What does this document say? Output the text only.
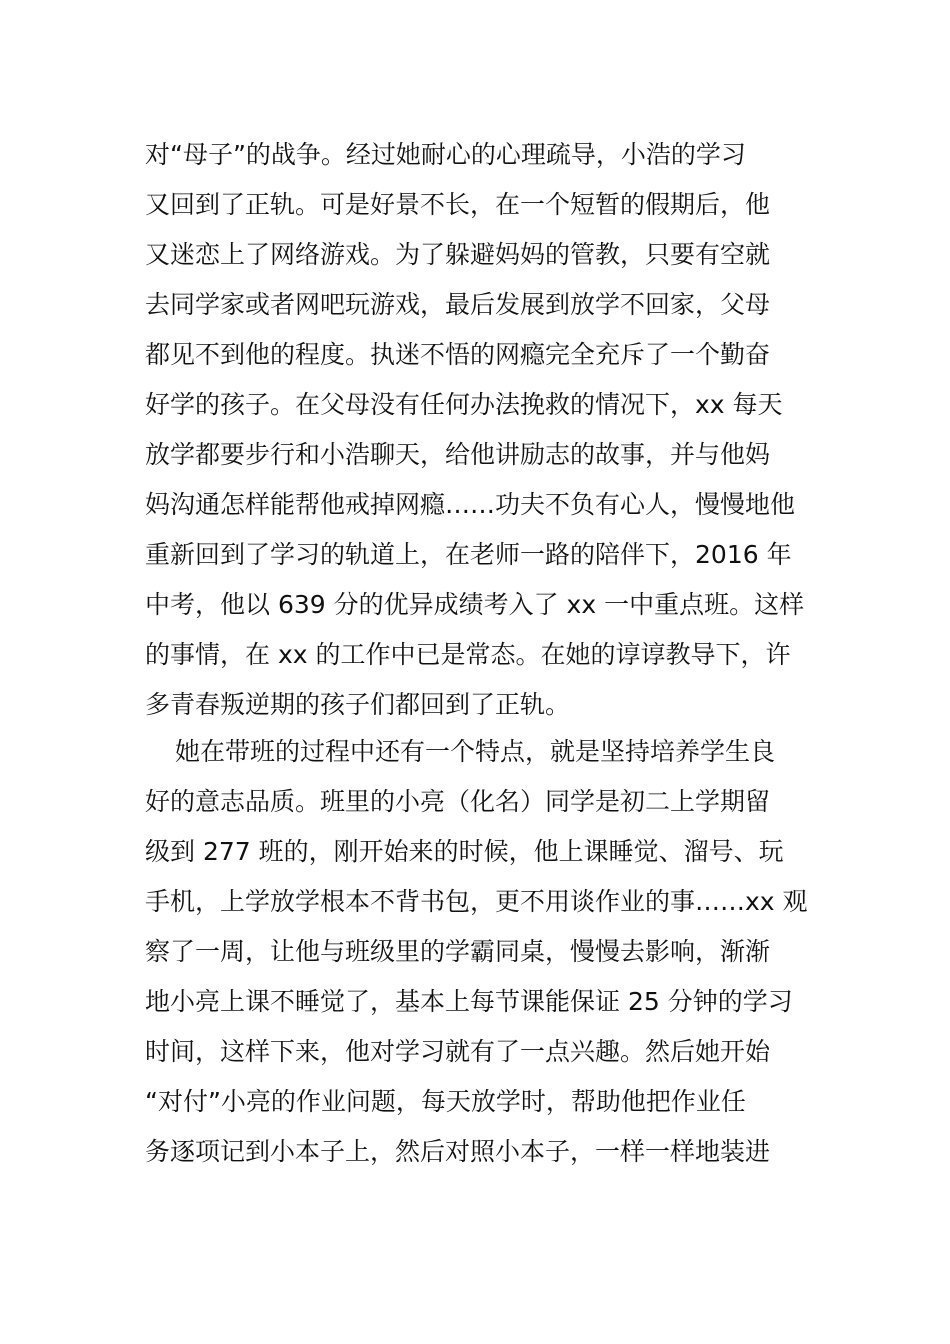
对“母子”的战争。经过她耐心的心理疏导，小浩的学习
又回到了正轨。可是好景不长，在一个短暂的假期后，他
又迷恋上了网络游戏。为了躲避妈妈的管教，只要有空就
去同学家或者网吧玩游戏，最后发展到放学不回家，父母
都见不到他的程度。执迷不悟的网瘾完全充斥了一个勤奋
好学的孩子。在父母没有任何办法挽救的情况下，xx 每天
放学都要步行和小浩聊天，给他讲励志的故事，并与他妈
妈沟通怎样能帮他戒掉网瘾……功夫不负有心人，慢慢地他
重新回到了学习的轨道上，在老师一路的陪伴下，2016 年
中考，他以 639 分的优异成绩考入了 xx 一中重点班。这样
的事情，在 xx 的工作中已是常态。在她的谆谆教导下，许
多青春叛逆期的孩子们都回到了正轨。
她在带班的过程中还有一个特点，就是坚持培养学生良
好的意志品质。班里的小亮（化名）同学是初二上学期留
级到 277 班的，刚开始来的时候，他上课睡觉、溜号、玩
手机，上学放学根本不背书包，更不用谈作业的事……xx 观
察了一周，让他与班级里的学霸同桌，慢慢去影响，渐渐
地小亮上课不睡觉了，基本上每节课能保证 25 分钟的学习
时间，这样下来，他对学习就有了一点兴趣。然后她开始
“对付”小亮的作业问题，每天放学时，帮助他把作业任
务逐项记到小本子上，然后对照小本子，一样一样地装进
